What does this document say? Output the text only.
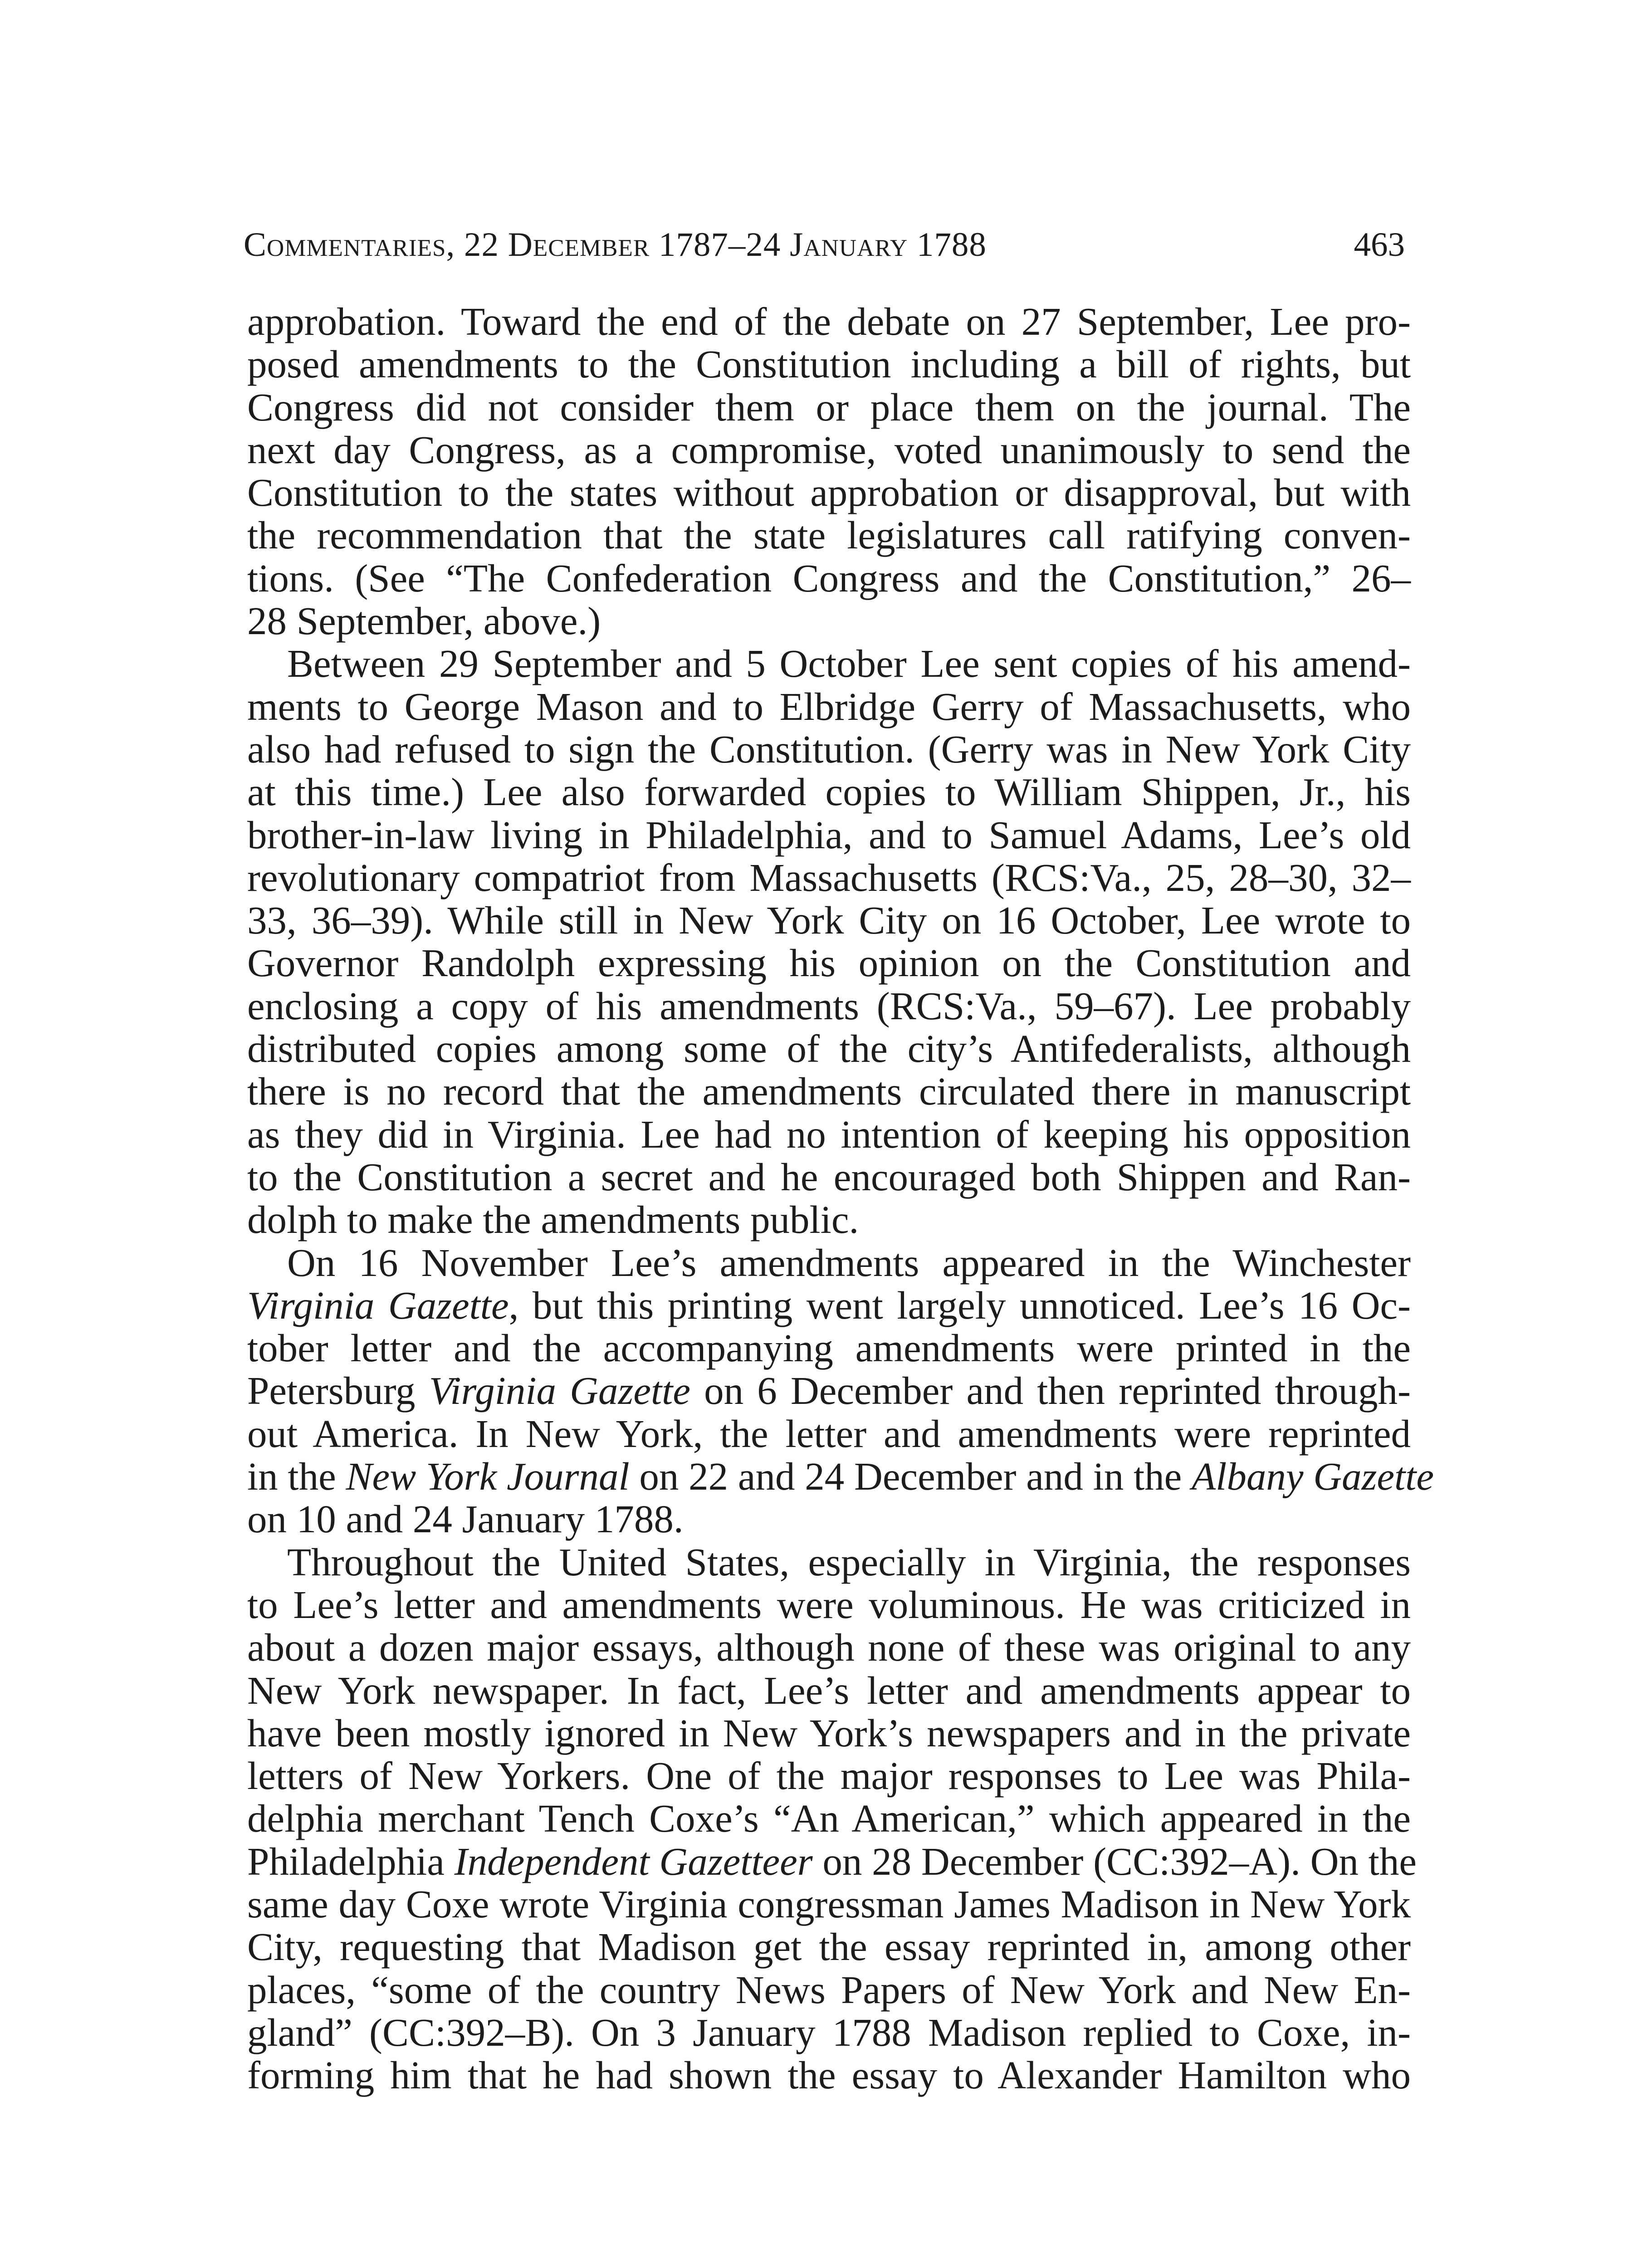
Commentaries, 22 December 1787–24 January 1788	463
approbation. Toward the end of the debate on 27 September, Lee pro-
posed amendments to the Constitution including a bill of rights, but
Congress did not consider them or place them on the journal. The
next day Congress, as a compromise, voted unanimously to send the
Constitution to the states without approbation or disapproval, but with
the recommendation that the state legislatures call ratifying conven-
tions. (See “The Confederation Congress and the Constitution,” 26–
28 September, above.)
Between 29 September and 5 October Lee sent copies of his amend-
ments to George Mason and to Elbridge Gerry of Massachusetts, who
also had refused to sign the Constitution. (Gerry was in New York City
at this time.) Lee also forwarded copies to William Shippen, Jr., his
brother-in-law living in Philadelphia, and to Samuel Adams, Lee’s old
revolutionary compatriot from Massachusetts (RCS:Va., 25, 28–30, 32–
33, 36–39). While still in New York City on 16 October, Lee wrote to
Governor Randolph expressing his opinion on the Constitution and
enclosing a copy of his amendments (RCS:Va., 59–67). Lee probably
distributed copies among some of the city’s Antifederalists, although
there is no record that the amendments circulated there in manuscript
as they did in Virginia. Lee had no intention of keeping his opposition
to the Constitution a secret and he encouraged both Shippen and Ran-
dolph to make the amendments public.
On 16 November Lee’s amendments appeared in the Winchester
Virginia Gazette, but this printing went largely unnoticed. Lee’s 16 Oc-
tober letter and the accompanying amendments were printed in the
Petersburg Virginia Gazette on 6 December and then reprinted through-
out America. In New York, the letter and amendments were reprinted
in the New York Journal on 22 and 24 December and in the Albany Gazette
on 10 and 24 January 1788.
Throughout the United States, especially in Virginia, the responses
to Lee’s letter and amendments were voluminous. He was criticized in
about a dozen major essays, although none of these was original to any
New York newspaper. In fact, Lee’s letter and amendments appear to
have been mostly ignored in New York’s newspapers and in the private
letters of New Yorkers. One of the major responses to Lee was Phila-
delphia merchant Tench Coxe’s “An American,” which appeared in the
Philadelphia Independent Gazetteer on 28 December (CC:392–A). On the
same day Coxe wrote Virginia congressman James Madison in New York
City, requesting that Madison get the essay reprinted in, among other
places, “some of the country News Papers of New York and New En-
gland” (CC:392–B). On 3 January 1788 Madison replied to Coxe, in-
forming him that he had shown the essay to Alexander Hamilton who
